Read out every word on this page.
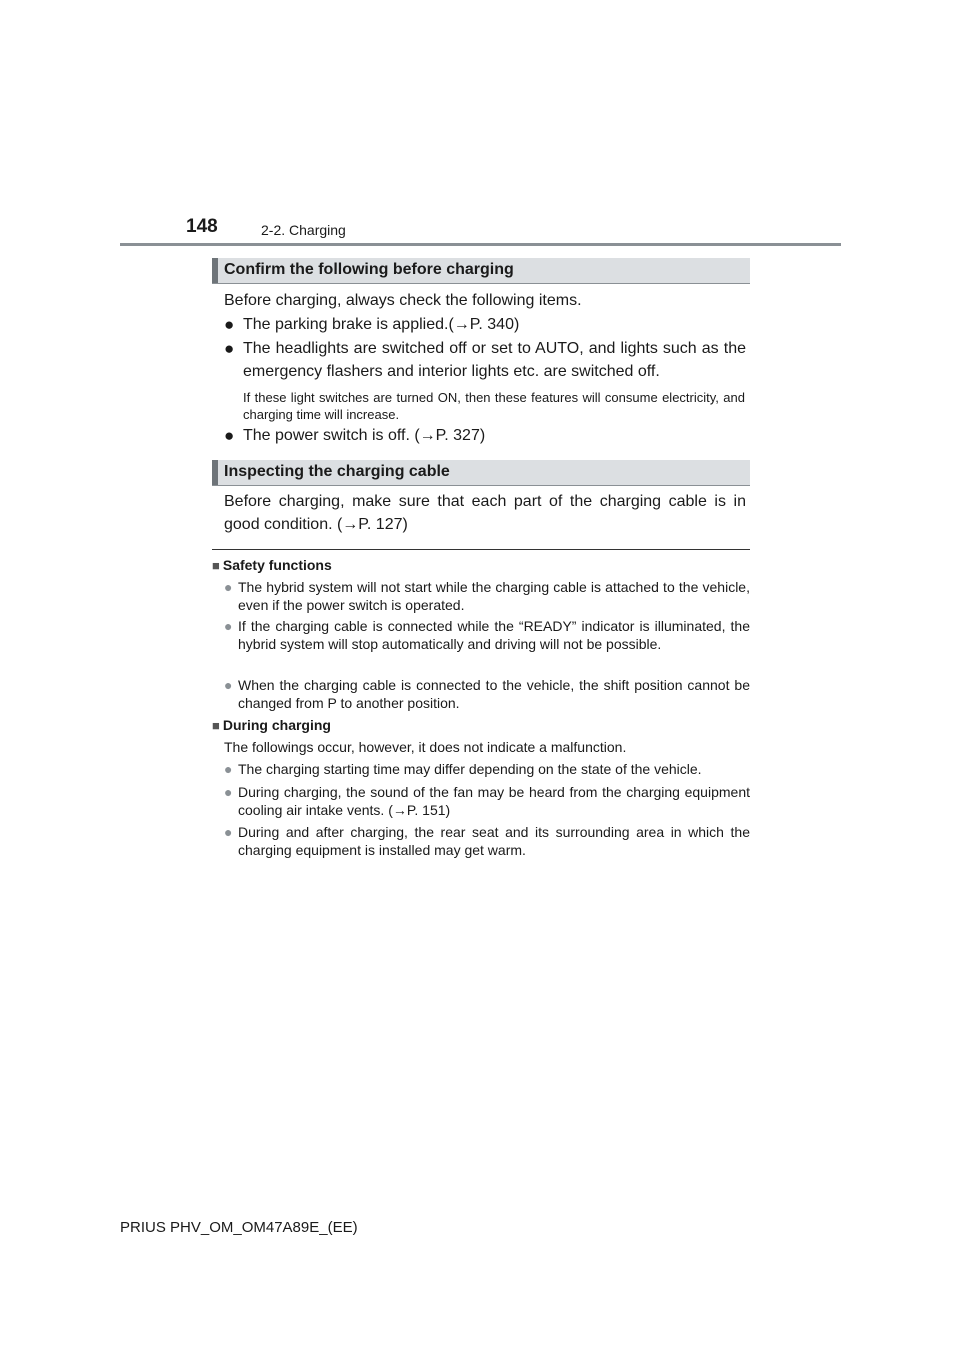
148	2-2. Charging
Confirm the following before charging
Before charging, always check the following items.
● The parking brake is applied.(→P. 340)
● The headlights are switched off or set to AUTO, and lights such as the emergency flashers and interior lights etc. are switched off.
If these light switches are turned ON, then these features will consume electricity, and charging time will increase.
● The power switch is off. (→P. 327)
Inspecting the charging cable
Before charging, make sure that each part of the charging cable is in good condition. (→P. 127)
■ Safety functions
● The hybrid system will not start while the charging cable is attached to the vehicle, even if the power switch is operated.
● If the charging cable is connected while the “READY” indicator is illuminated, the hybrid system will stop automatically and driving will not be possible.
● When the charging cable is connected to the vehicle, the shift position cannot be changed from P to another position.
■ During charging
The followings occur, however, it does not indicate a malfunction.
● The charging starting time may differ depending on the state of the vehicle.
● During charging, the sound of the fan may be heard from the charging equipment cooling air intake vents. (→P. 151)
● During and after charging, the rear seat and its surrounding area in which the charging equipment is installed may get warm.
PRIUS PHV_OM_OM47A89E_(EE)
